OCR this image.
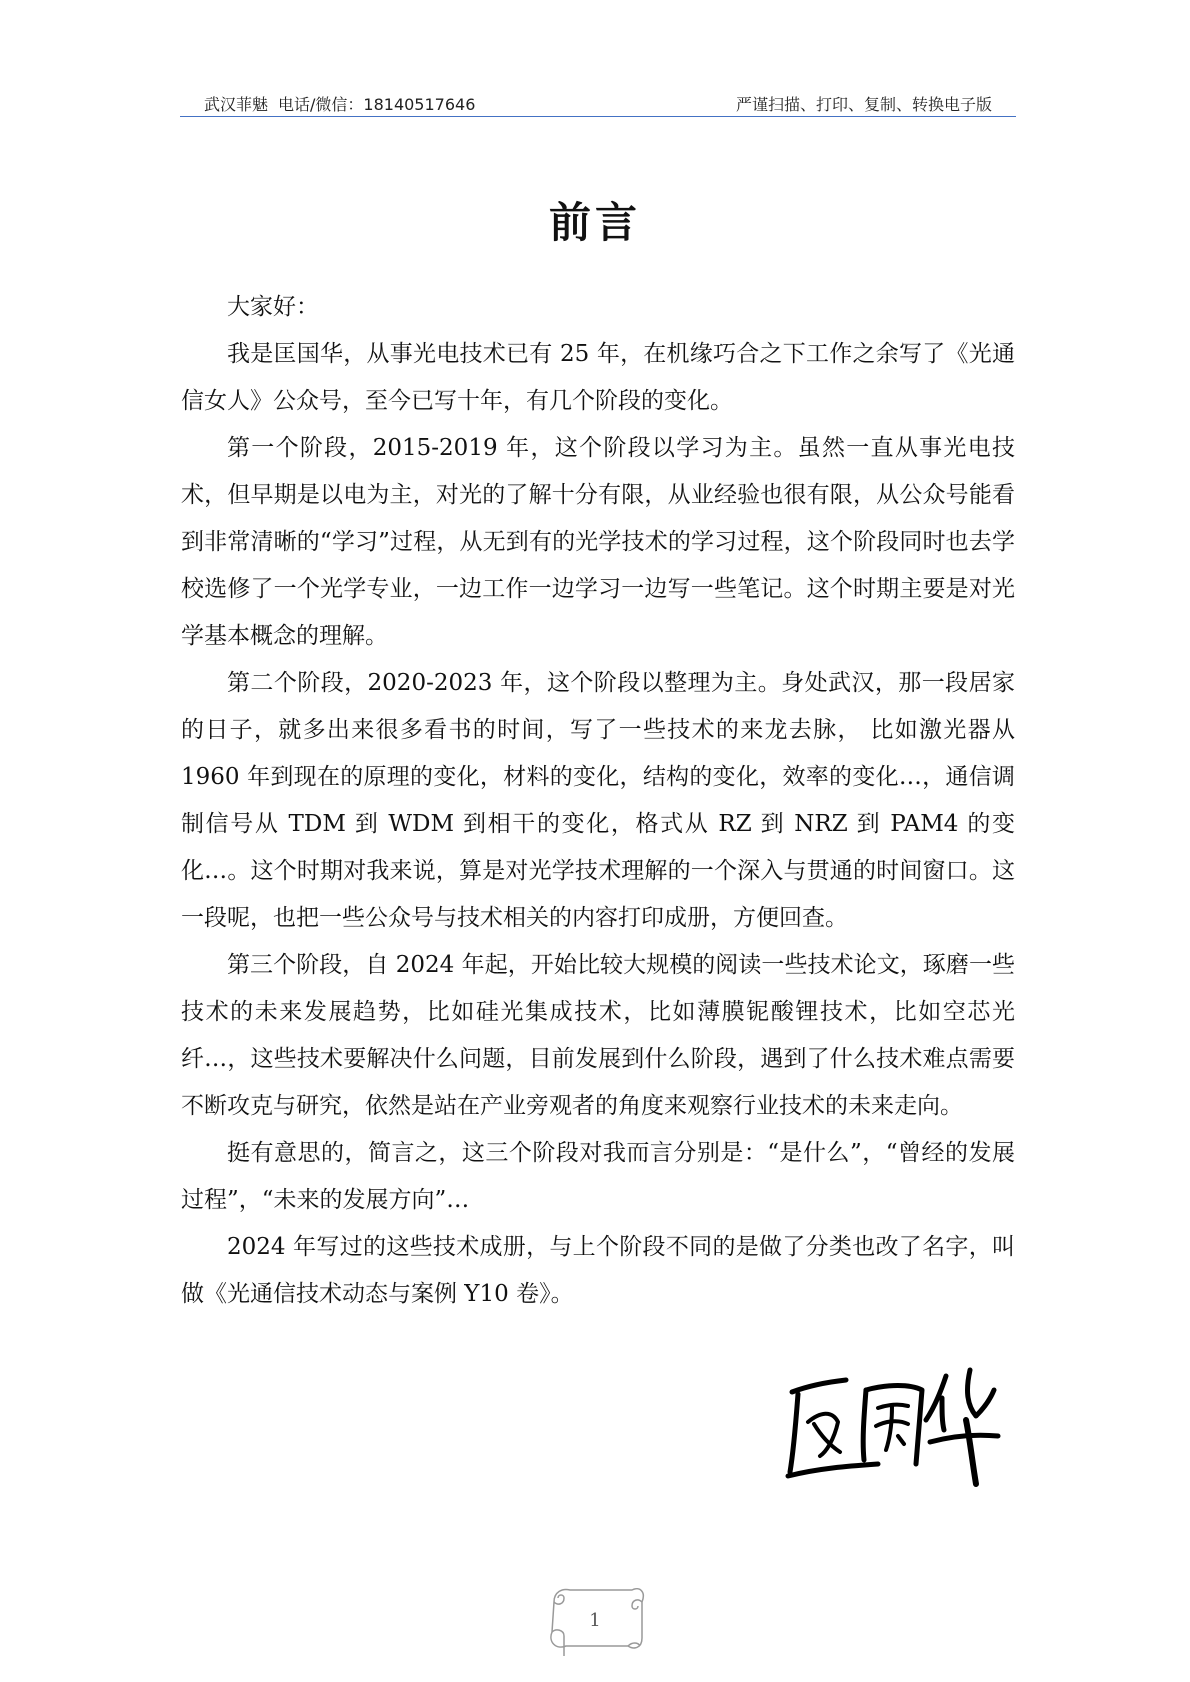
武汉菲魅 电话/微信：18140517646	严谨扫描、打印、复制、转换电子版
前言

大家好：

我是匡国华，从事光电技术已有 25 年，在机缘巧合之下工作之余写了《光通信女人》公众号，至今已写十年，有几个阶段的变化。

第一个阶段，2015-2019 年，这个阶段以学习为主。虽然一直从事光电技术，但早期是以电为主，对光的了解十分有限，从业经验也很有限，从公众号能看到非常清晰的“学习”过程，从无到有的光学技术的学习过程，这个阶段同时也去学校选修了一个光学专业，一边工作一边学习一边写一些笔记。这个时期主要是对光学基本概念的理解。

第二个阶段，2020-2023 年，这个阶段以整理为主。身处武汉，那一段居家的日子，就多出来很多看书的时间，写了一些技术的来龙去脉， 比如激光器从 1960 年到现在的原理的变化，材料的变化，结构的变化，效率的变化…，通信调制信号从 TDM 到 WDM 到相干的变化，格式从 RZ 到 NRZ 到 PAM4 的变化…。这个时期对我来说，算是对光学技术理解的一个深入与贯通的时间窗口。这一段呢，也把一些公众号与技术相关的内容打印成册，方便回查。

第三个阶段，自 2024 年起，开始比较大规模的阅读一些技术论文，琢磨一些技术的未来发展趋势，比如硅光集成技术，比如薄膜铌酸锂技术，比如空芯光纤…，这些技术要解决什么问题，目前发展到什么阶段，遇到了什么技术难点需要不断攻克与研究，依然是站在产业旁观者的角度来观察行业技术的未来走向。

挺有意思的，简言之，这三个阶段对我而言分别是：“是什么”，“曾经的发展过程”，“未来的发展方向”…

2024 年写过的这些技术成册，与上个阶段不同的是做了分类也改了名字，叫做《光通信技术动态与案例 Y10 卷》。

1
